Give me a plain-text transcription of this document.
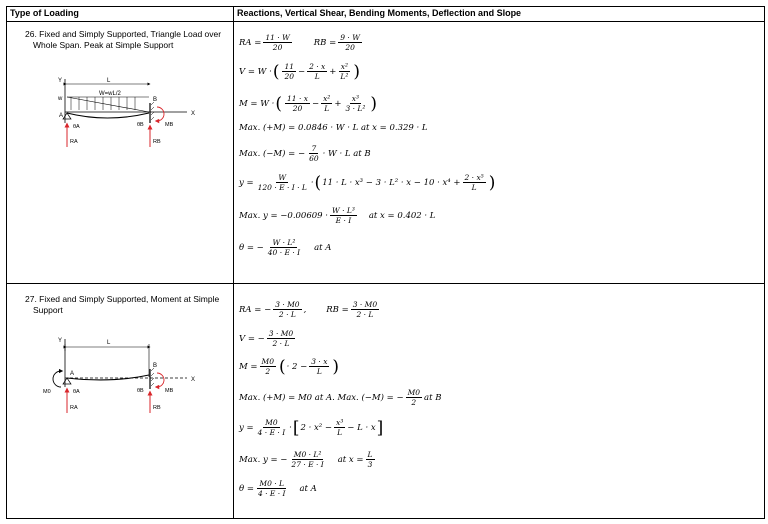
Type of Loading	Reactions, Vertical Shear, Bending Moments, Deflection and Slope
26. Fixed and Simply Supported, Triangle Load over
Whole Span. Peak at Simple Support
Y
X
L
w
W=wL/2
A
B
θA	θB	MB
RA	RB
RA = $\frac{11 \cdot W}{20}$	RB = $\frac{9 \cdot W}{20}$
V = W · ( $\frac{11}{20} - \frac{2 \cdot x}{L} + \frac{\text{x²}}{\text{L²}}$ )
M = W · ( $\frac{11 \cdot x}{20} - \frac{\text{x²}}{L} + \frac{\text{x³}}{\text{3 · L²}}$ )
Max. (+M) = 0.0846 · W · L at x = 0.329 · L
Max. (−M) = − $\frac{7}{60} \cdot W \cdot L$ at B
$y = \frac{W}{120 \cdot E \cdot I \cdot L}$ · ( $11 \cdot L \cdot x^3 - 3 \cdot L^2 \cdot x - 10 \cdot x^4 + \frac{\text{2 · x⁵}}{L}$ )
Max. $y = -0.00609 \cdot \frac{\text{W · L³}}{E \cdot I}$ at x = 0.402 · L
θ = − $\frac{\text{W · L²}}{40 \cdot E \cdot I}$ at A
27. Fixed and Simply Supported, Moment at Simple
Support
Y
X
L
A
B
M0	θA	θB	MB
RA	RB
RA = − $\frac{3 \cdot M0}{2 \cdot L}$ , RB = $\frac{3 \cdot M0}{2 \cdot L}$
V = − $\frac{3 \cdot M0}{2 \cdot L}$
$M = \frac{M0}{2}$ ( · $2 - \frac{3 \cdot x}{L}$ )
Max. (+M) = M0 at A. Max. (−M) = − $\frac{M0}{2}$ at B
$y = \frac{M0}{4 \cdot E \cdot I}$ · [ $2 \cdot x^2 - \frac{\text{x³}}{L} - L \cdot x$ ]
Max. y = − $\frac{\text{M0 · L²}}{27 \cdot E \cdot I}$ at $x = \frac{L}{3}$
$\theta = \frac{M0 \cdot L}{4 \cdot E \cdot I}$ at A
